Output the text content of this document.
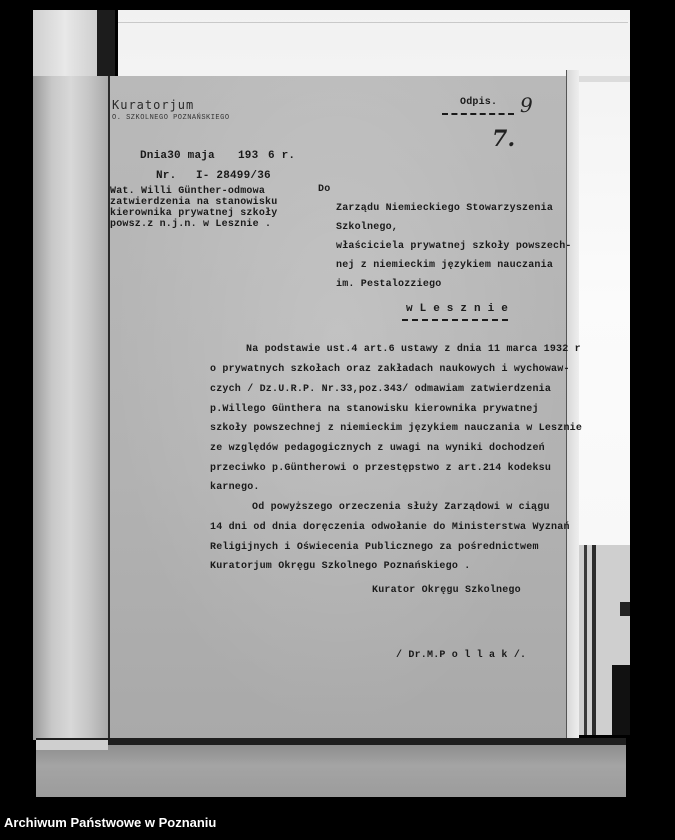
Kuratorjum
O. SZKOLNEGO POZNAŃSKIEGO
Odpis. 9
7.
Dnia30 maja 193 6 r.
Nr. I- 28499/36
Wat. Willi Günther-odmowa
zatwierdzenia na stanowisku
kierownika prywatnej szkoły
powsz.z n.j.n. w Lesznie .
Do
Zarządu Niemieckiego Stowarzyszenia
Szkolnego,
właściciela prywatnej szkoły powszech-
nej z niemieckim językiem nauczania
im. Pestalozziego
w L e s z n i e
Na podstawie ust.4 art.6 ustawy z dnia 11 marca 1932 r
o prywatnych szkołach oraz zakładach naukowych i wychowaw-
czych / Dz.U.R.P. Nr.33,poz.343/ odmawiam zatwierdzenia
p.Willego Günthera na stanowisku kierownika prywatnej
szkoły powszechnej z niemieckim językiem nauczania w Lesznie
ze względów pedagogicznych z uwagi na wyniki dochodzeń
przeciwko p.Güntherowi o przestępstwo z art.214 kodeksu
karnego.
Od powyższego orzeczenia służy Zarządowi w ciągu
14 dni od dnia doręczenia odwołanie do Ministerstwa Wyznań
Religijnych i Oświecenia Publicznego za pośrednictwem
Kuratorjum Okręgu Szkolnego Poznańskiego .
Kurator Okręgu Szkolnego
/ Dr.M.P o l l a k /.
Archiwum Państwowe w Poznaniu
